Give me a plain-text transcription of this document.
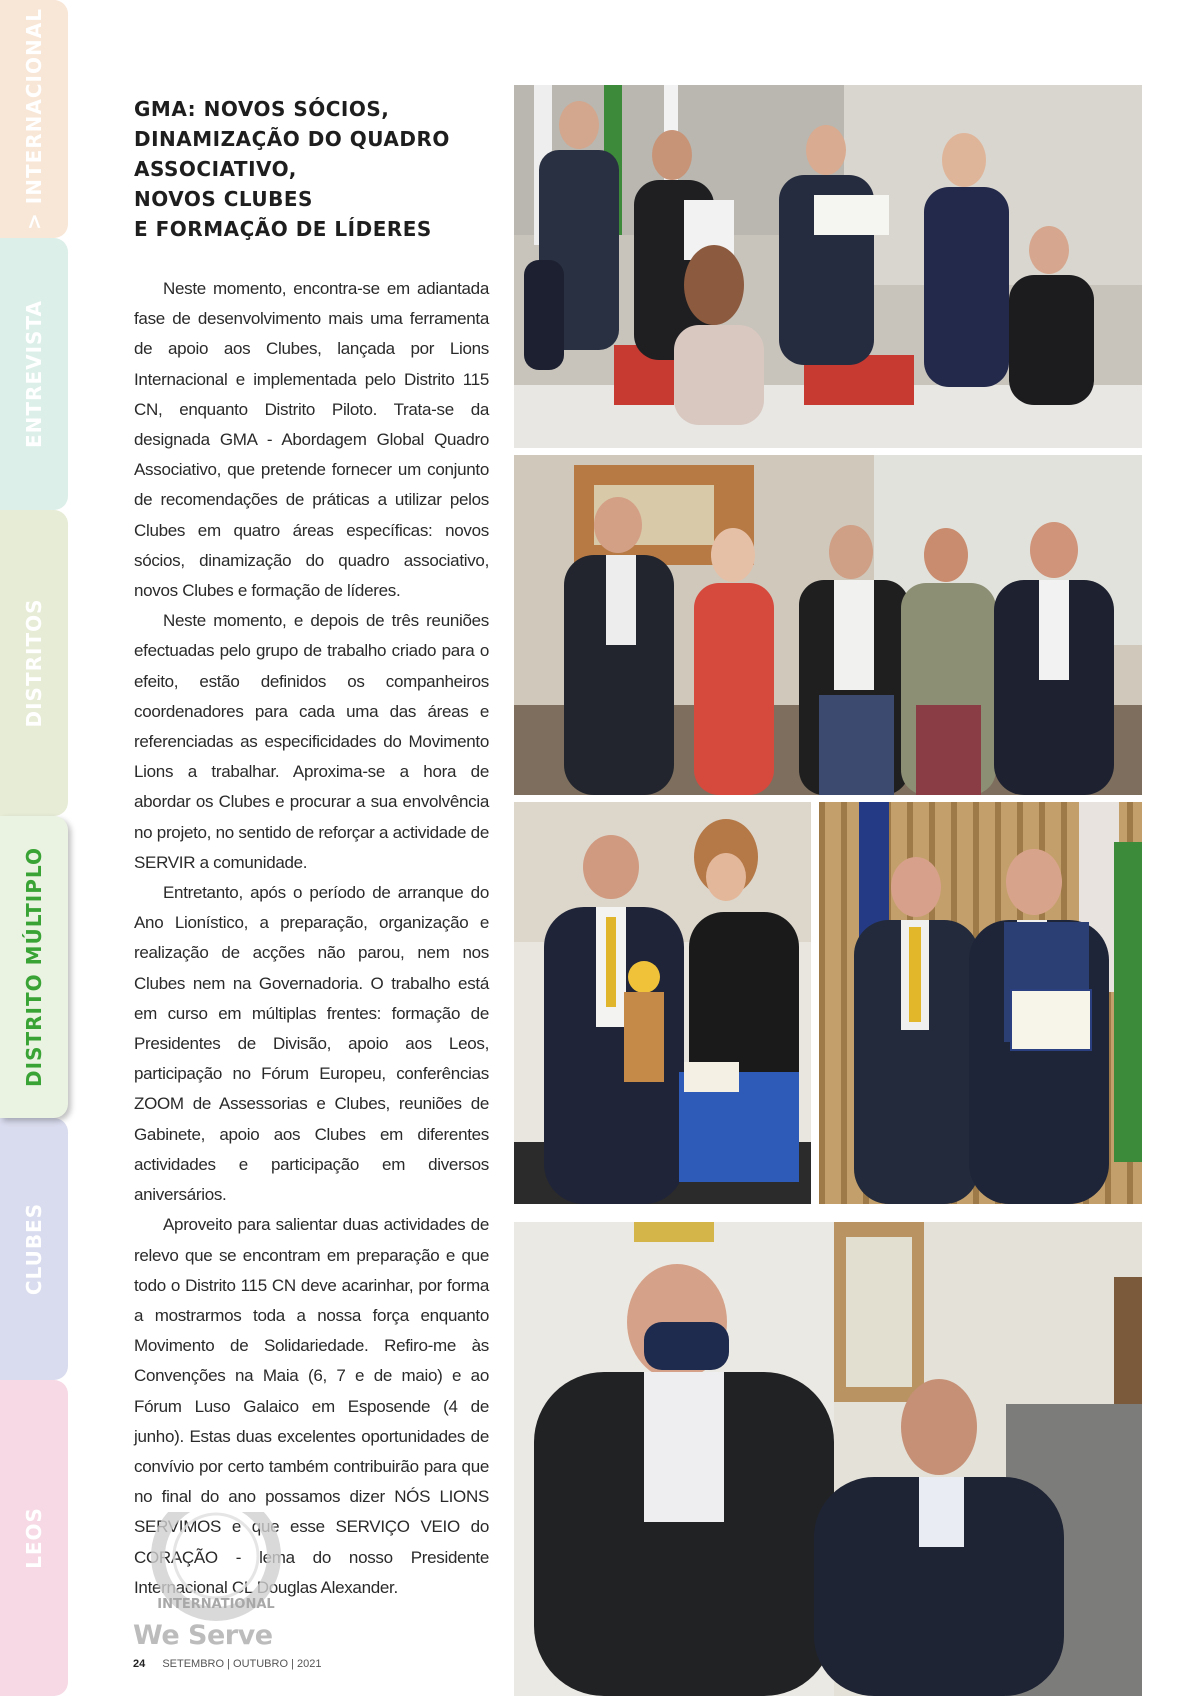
> INTERNACIONAL
ENTREVISTA
DISTRITOS
DISTRITO MÚLTIPLO
CLUBES
LEOS
GMA: NOVOS SÓCIOS,
DINAMIZAÇÃO DO QUADRO
ASSOCIATIVO,
NOVOS CLUBES
E FORMAÇÃO DE LÍDERES

Neste momento, encontra-se em adiantada fase de desenvolvimento mais uma ferramenta de apoio aos Clubes, lançada por Lions Internacional e implementada pelo Distrito 115 CN, enquanto Distrito Piloto. Trata-se da designada GMA - Abordagem Global Quadro Associativo, que pretende fornecer um conjunto de recomendações de práticas a utilizar pelos Clubes em quatro áreas específicas: novos sócios, dinamização do quadro associativo, novos Clubes e formação de líderes.

Neste momento, e depois de três reuniões efectuadas pelo grupo de trabalho criado para o efeito, estão definidos os companheiros coordenadores para cada uma das áreas e referenciadas as especificidades do Movimento Lions a trabalhar. Aproxima-se a hora de abordar os Clubes e procurar a sua envolvência no projeto, no sentido de reforçar a actividade de SERVIR a comunidade.

Entretanto, após o período de arranque do Ano Lionístico, a preparação, organização e realização de acções não parou, nem nos Clubes nem na Governadoria. O trabalho está em curso em múltiplas frentes: formação de Presidentes de Divisão, apoio aos Leos, participação no Fórum Europeu, conferências ZOOM de Assessorias e Clubes, reuniões de Gabinete, apoio aos Clubes em diferentes actividades e participação em diversos aniversários.

Aproveito para salientar duas actividades de relevo que se encontram em preparação e que todo o Distrito 115 CN deve acarinhar, por forma a mostrarmos toda a nossa força enquanto Movimento de Solidariedade. Refiro-me às Convenções na Maia (6, 7 e de maio) e ao Fórum Luso Galaico em Esposende (4 de junho). Estas duas excelentes oportunidades de convívio por certo também contribuirão para que no final do ano possamos dizer NÓS LIONS SERVIMOS e que esse SERVIÇO VEIO do CORAÇÃO - lema do nosso Presidente Internacional CL Douglas Alexander.

INTERNATIONAL
We Serve
24 SETEMBRO | OUTUBRO | 2021
